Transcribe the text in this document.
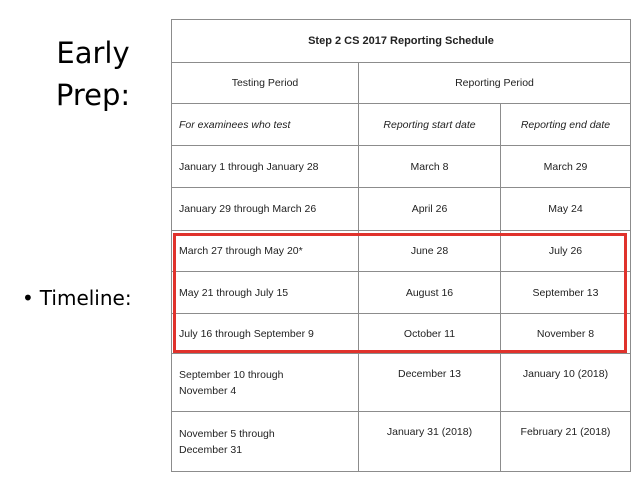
Early
Prep:
• Timeline:
Step 2 CS 2017 Reporting Schedule		
Testing Period	Reporting Period	
For examinees who test	Reporting start date	Reporting end date
January 1 through January 28	March 8	March 29
January 29 through March 26	April 26	May 24
March 27 through May 20*	June 28	July 26
May 21 through July 15	August 16	September 13
July 16 through September 9	October 11	November 8
September 10 through
November 4	December 13	January 10 (2018)
November 5 through
December 31	January 31 (2018)	February 21 (2018)
